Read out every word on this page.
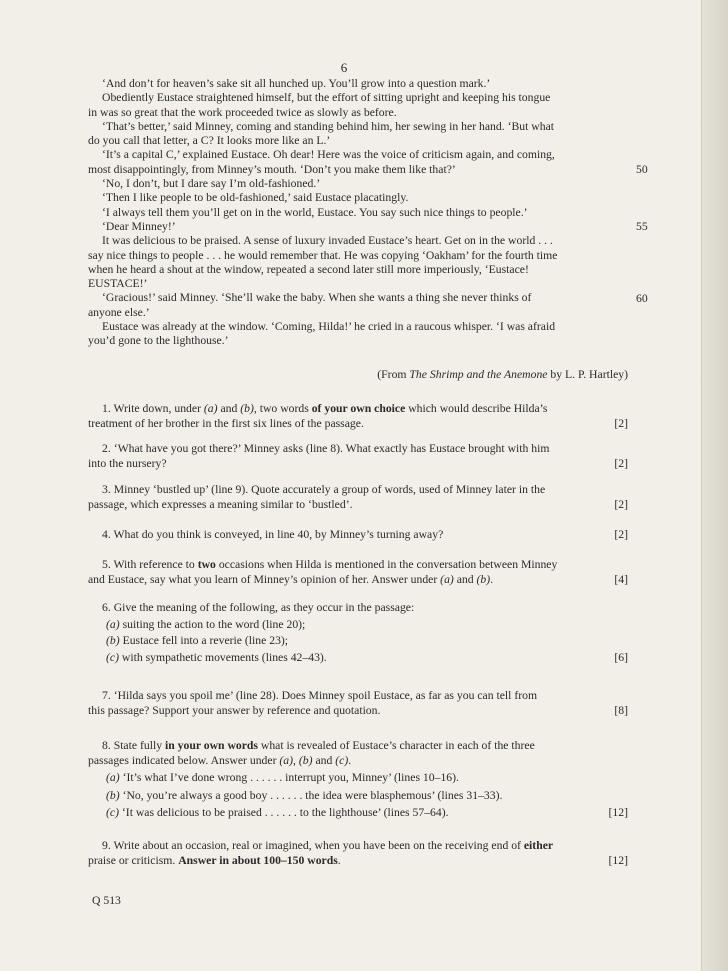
6

‘And don’t for heaven’s sake sit all hunched up. You’ll grow into a question mark.’

Obediently Eustace straightened himself, but the effort of sitting upright and keeping his tongue

in was so great that the work proceeded twice as slowly as before.

‘That’s better,’ said Minney, coming and standing behind him, her sewing in her hand. ‘But what

do you call that letter, a C? It looks more like an L.’

‘It’s a capital C,’ explained Eustace. Oh dear! Here was the voice of criticism again, and coming,

most disappointingly, from Minney’s mouth. ‘Don’t you make them like that?’

‘No, I don’t, but I dare say I’m old-fashioned.’

‘Then I like people to be old-fashioned,’ said Eustace placatingly.

‘I always tell them you’ll get on in the world, Eustace. You say such nice things to people.’

‘Dear Minney!’

It was delicious to be praised. A sense of luxury invaded Eustace’s heart. Get on in the world . . .

say nice things to people . . . he would remember that. He was copying ‘Oakham’ for the fourth time

when he heard a shout at the window, repeated a second later still more imperiously, ‘Eustace!

EUSTACE!’

‘Gracious!’ said Minney. ‘She’ll wake the baby. When she wants a thing she never thinks of

anyone else.’

Eustace was already at the window. ‘Coming, Hilda!’ he cried in a raucous whisper. ‘I was afraid

you’d gone to the lighthouse.’

50
55
60
(From The Shrimp and the Anemone by L. P. Hartley)

1. Write down, under (a) and (b), two words of your own choice which would describe Hilda’s

treatment of her brother in the first six lines of the passage.	[2]

2. ‘What have you got there?’ Minney asks (line 8). What exactly has Eustace brought with him

into the nursery?	[2]

3. Minney ‘bustled up’ (line 9). Quote accurately a group of words, used of Minney later in the

passage, which expresses a meaning similar to ‘bustled’.	[2]

4. What do you think is conveyed, in line 40, by Minney’s turning away?	[2]

5. With reference to two occasions when Hilda is mentioned in the conversation between Minney

and Eustace, say what you learn of Minney’s opinion of her. Answer under (a) and (b).	[4]

6. Give the meaning of the following, as they occur in the passage:

(a) suiting the action to the word (line 20);

(b) Eustace fell into a reverie (line 23);

(c) with sympathetic movements (lines 42–43).	[6]

7. ‘Hilda says you spoil me’ (line 28). Does Minney spoil Eustace, as far as you can tell from

this passage? Support your answer by reference and quotation.	[8]

8. State fully in your own words what is revealed of Eustace’s character in each of the three

passages indicated below. Answer under (a), (b) and (c).

(a) ‘It’s what I’ve done wrong . . . . . . interrupt you, Minney’ (lines 10–16).

(b) ‘No, you’re always a good boy . . . . . . the idea were blasphemous’ (lines 31–33).

(c) ‘It was delicious to be praised . . . . . . to the lighthouse’ (lines 57–64).	[12]

9. Write about an occasion, real or imagined, when you have been on the receiving end of either

praise or criticism. Answer in about 100–150 words.	[12]

Q 513
